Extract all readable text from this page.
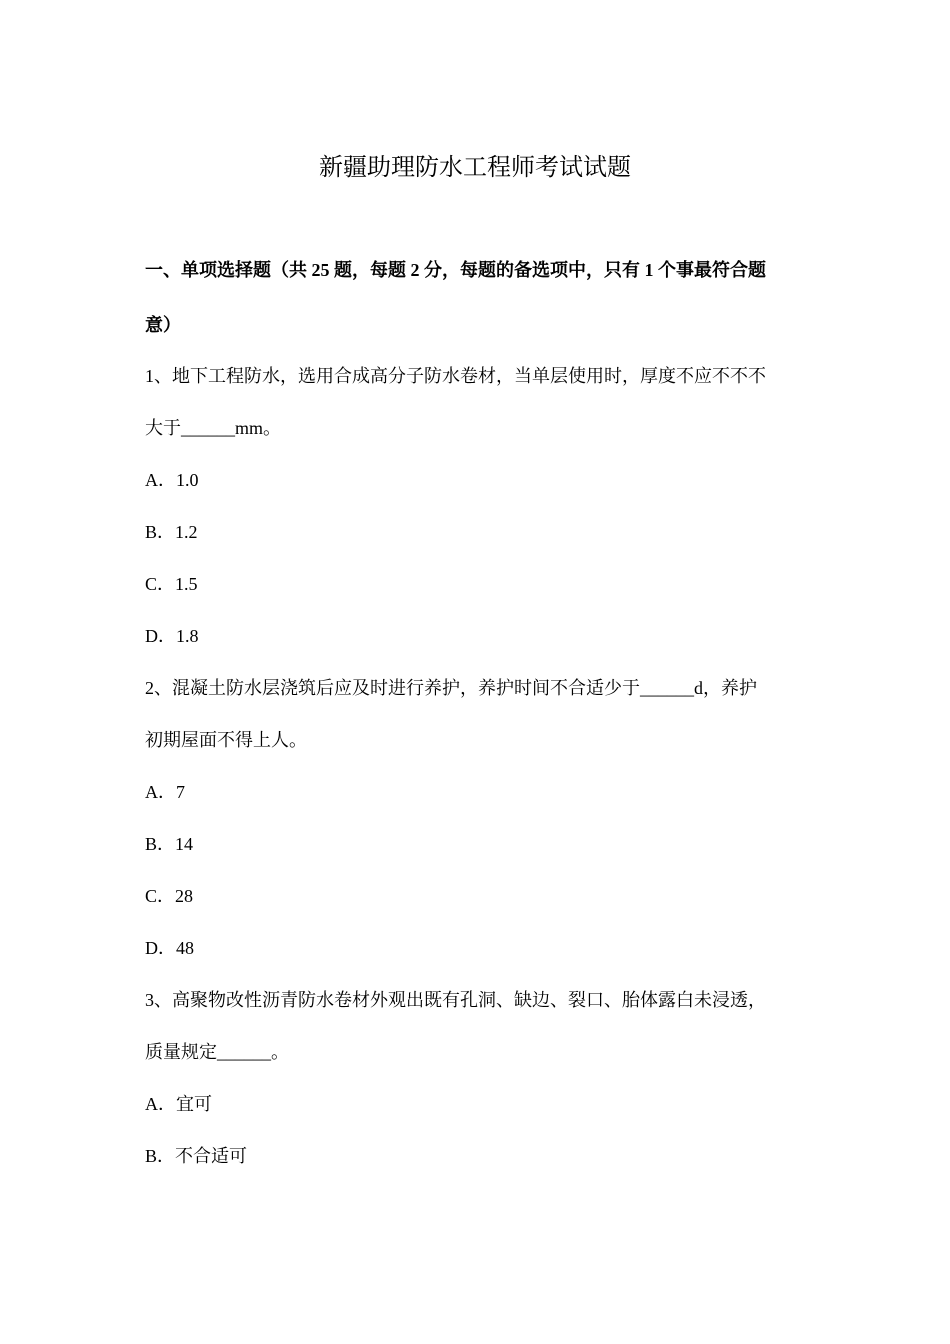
新疆助理防水工程师考试试题
一、单项选择题（共 25 题，每题 2 分，每题的备选项中，只有 1 个事最符合题
意）
1、地下工程防水，选用合成高分子防水卷材，当单层使用时，厚度不应不不不
大于______mm。
A．1.0
B．1.2
C．1.5
D．1.8
2、混凝土防水层浇筑后应及时进行养护，养护时间不合适少于______d，养护
初期屋面不得上人。
A．7
B．14
C．28
D．48
3、高聚物改性沥青防水卷材外观出既有孔洞、缺边、裂口、胎体露白未浸透，
质量规定______。
A．宜可
B．不合适可
